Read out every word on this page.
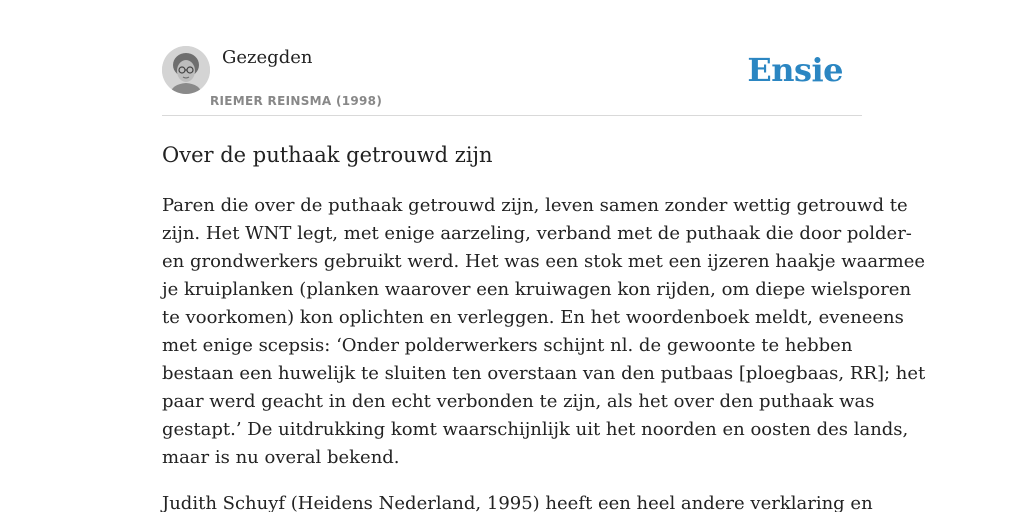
Gezegden
RIEMER REINSMA (1998)
Ensie
Over de puthaak getrouwd zijn

Paren die over de puthaak getrouwd zijn, leven samen zonder wettig getrouwd te
zijn. Het WNT legt, met enige aarzeling, verband met de puthaak die door polder-
en grondwerkers gebruikt werd. Het was een stok met een ijzeren haakje waarmee
je kruiplanken (planken waarover een kruiwagen kon rijden, om diepe wielsporen
te voorkomen) kon oplichten en verleggen. En het woordenboek meldt, eveneens
met enige scepsis: ‘Onder polderwerkers schijnt nl. de gewoonte te hebben
bestaan een huwelijk te sluiten ten overstaan van den putbaas [ploegbaas, RR]; het
paar werd geacht in den echt verbonden te zijn, als het over den puthaak was
gestapt.’ De uitdrukking komt waarschijnlijk uit het noorden en oosten des lands,
maar is nu overal bekend.

Judith Schuyf (Heidens Nederland, 1995) heeft een heel andere verklaring en
